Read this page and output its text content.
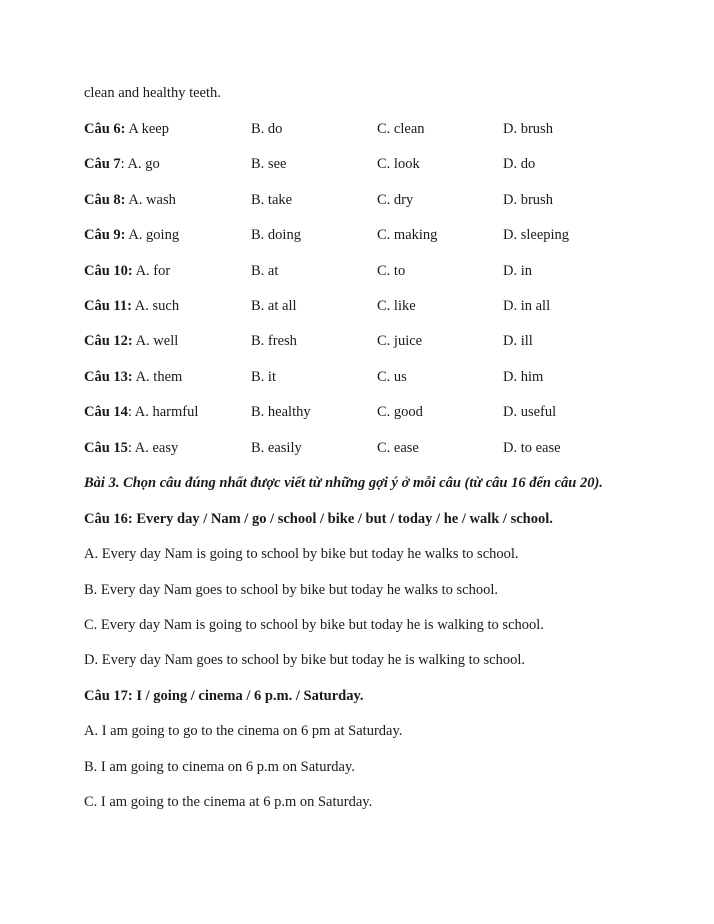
clean and healthy teeth.
Câu 6: A keep	B. do	C. clean	D. brush
Câu 7: A. go	B. see	C. look	D. do
Câu 8: A. wash	B. take	C. dry	D. brush
Câu 9: A. going	B. doing	C. making	D. sleeping
Câu 10: A. for	B. at	C. to	D. in
Câu 11: A. such	B. at all	C. like	D. in all
Câu 12: A. well	B. fresh	C. juice	D. ill
Câu 13: A. them	B. it	C. us	D. him
Câu 14: A. harmful	B. healthy	C. good	D. useful
Câu 15: A. easy	B. easily	C. ease	D. to ease
Bài 3. Chọn câu đúng nhất được viết từ những gợi ý ở mỗi câu (từ câu 16 đến câu 20).
Câu 16: Every day / Nam / go / school / bike / but / today / he / walk / school.
A. Every day Nam is going to school by bike but today he walks to school.
B. Every day Nam goes to school by bike but today he walks to school.
C. Every day Nam is going to school by bike but today he is walking to school.
D. Every day Nam goes to school by bike but today he is walking to school.
Câu 17: I / going / cinema / 6 p.m. / Saturday.
A. I am going to go to the cinema on 6 pm at Saturday.
B. I am going to cinema on 6 p.m on Saturday.
C. I am going to the cinema at 6 p.m on Saturday.
